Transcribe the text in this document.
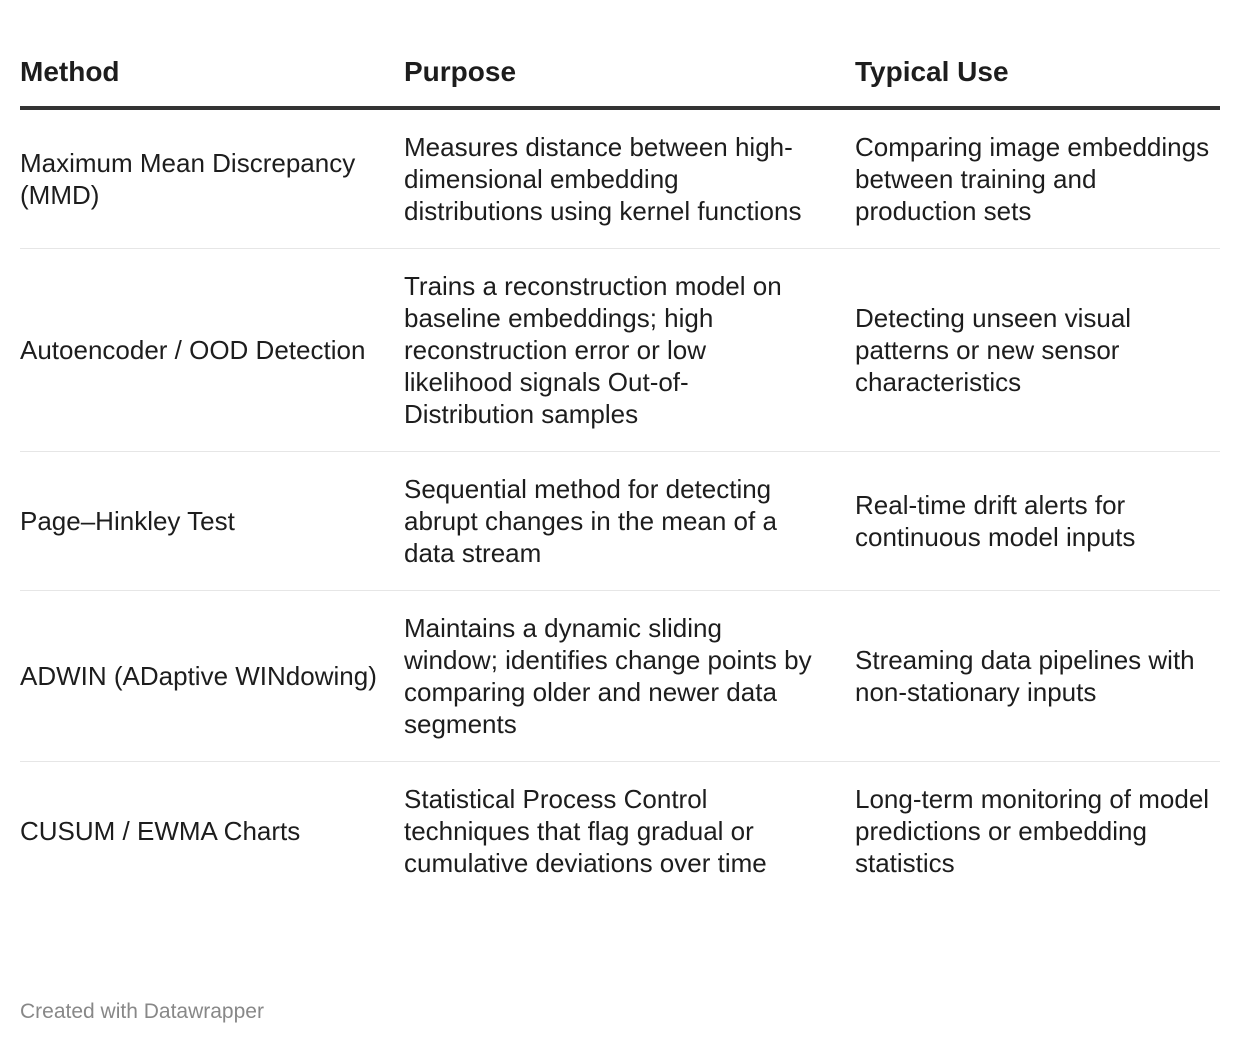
Method	Purpose	Typical Use
Maximum Mean Discrepancy (MMD)	Measures distance between high-dimensional embedding distributions using kernel functions	Comparing image embeddings between training and production sets
Autoencoder / OOD Detection	Trains a reconstruction model on baseline embeddings; high reconstruction error or low likelihood signals Out-of-Distribution samples	Detecting unseen visual patterns or new sensor characteristics
Page–Hinkley Test	Sequential method for detecting abrupt changes in the mean of a data stream	Real-time drift alerts for continuous model inputs
ADWIN (ADaptive WINdowing)	Maintains a dynamic sliding window; identifies change points by comparing older and newer data segments	Streaming data pipelines with non-stationary inputs
CUSUM / EWMA Charts	Statistical Process Control techniques that flag gradual or cumulative deviations over time	Long-term monitoring of model predictions or embedding statistics
Created with Datawrapper
